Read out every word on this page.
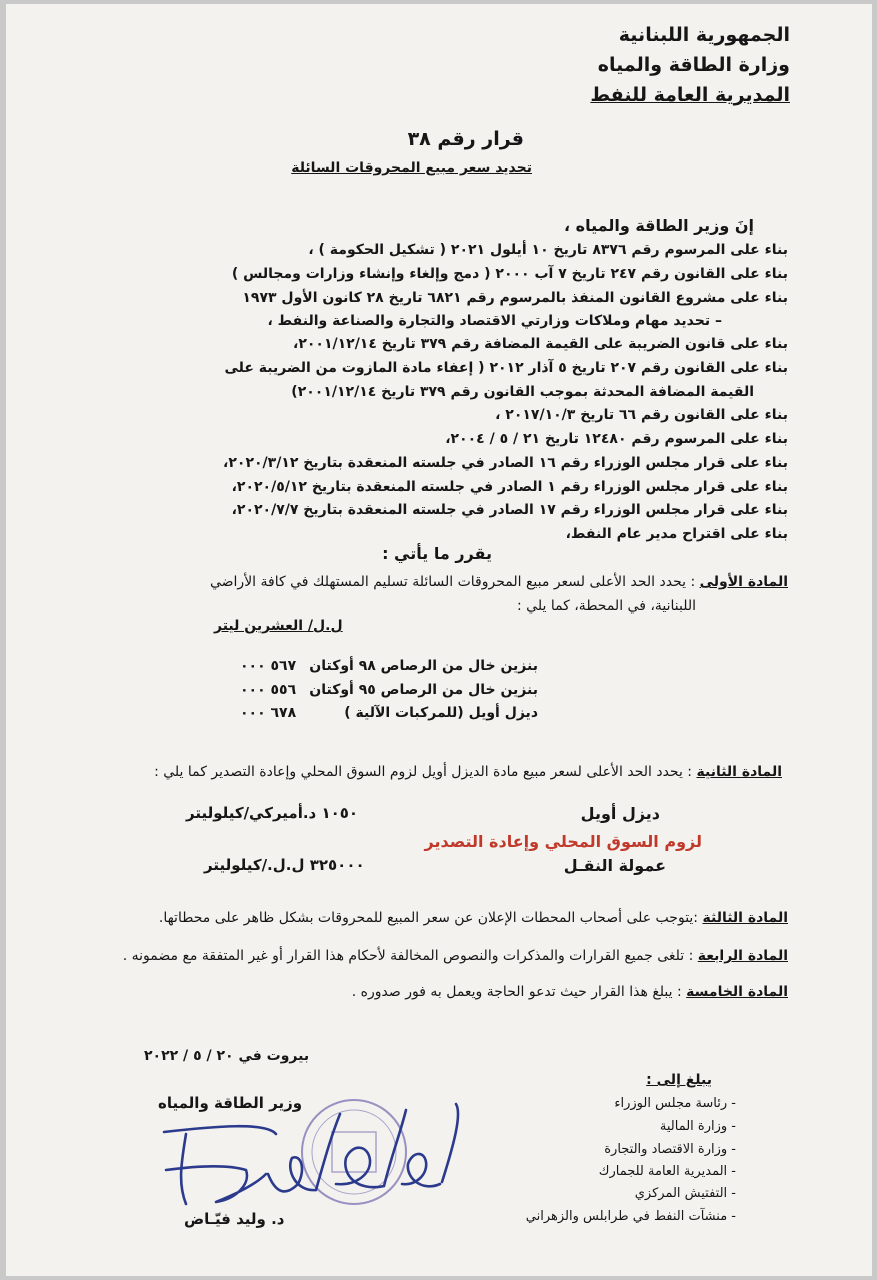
الجمهورية اللبنانية
وزارة الطاقة والمياه
المديرية العامة للنفط
قرار رقم ٣٨
تحديد سعر مبيع المحروقات السائلة
إنَ وزير الطاقة والمياه ،
بناء على المرسوم رقم ٨٣٧٦ تاريخ ١٠ أيلول ٢٠٢١ ( تشكيل الحكومة ) ،
بناء على القانون رقم ٢٤٧ تاريخ ٧ آب ٢٠٠٠ ( دمج وإلغاء وإنشاء وزارات ومجالس )
بناء على مشروع القانون المنفذ بالمرسوم رقم ٦٨٢١ تاريخ ٢٨ كانون الأول ١٩٧٣
– تحديد مهام وملاكات وزارتي الاقتصاد والتجارة والصناعة والنفط ،
بناء على قانون الضريبة على القيمة المضافة رقم ٣٧٩ تاريخ ٢٠٠١/١٢/١٤،
بناء على القانون رقم ٢٠٧ تاريخ ٥ آذار ٢٠١٢ ( إعفاء مادة المازوت من الضريبة على
القيمة المضافة المحدثة بموجب القانون رقم ٣٧٩ تاريخ ٢٠٠١/١٢/١٤)
بناء على القانون رقم ٦٦ تاريخ ٢٠١٧/١٠/٣ ،
بناء على المرسوم رقم ١٢٤٨٠ تاريخ ٢١ / ٥ / ٢٠٠٤،
بناء على قرار مجلس الوزراء رقم ١٦ الصادر في جلسته المنعقدة بتاريخ ٢٠٢٠/٣/١٢،
بناء على قرار مجلس الوزراء رقم ١ الصادر في جلسته المنعقدة بتاريخ ٢٠٢٠/٥/١٢،
بناء على قرار مجلس الوزراء رقم ١٧ الصادر في جلسته المنعقدة بتاريخ ٢٠٢٠/٧/٧،
بناء على اقتراح مدير عام النفط،
يقرر ما يأتي :
المادة الأولى : يحدد الحد الأعلى لسعر مبيع المحروقات السائلة تسليم المستهلك في كافة الأراضي
اللبنانية، في المحطة، كما يلي :
ل.ل/ العشرين ليتر
بنزين خال من الرصاص ٩٨ أوكتان
٥٦٧ ٠٠٠
بنزين خال من الرصاص ٩٥ أوكتان
٥٥٦ ٠٠٠
ديزل أويل (للمركبات الآلية )
٦٧٨ ٠٠٠
المادة الثانية : يحدد الحد الأعلى لسعر مبيع مادة الديزل أويل لزوم السوق المحلي وإعادة التصدير كما يلي :
ديزل أويل
١٠٥٠ د.أميركي/كيلوليتر
لزوم السوق المحلي وإعادة التصدير
عمولة النقـل
٣٢٥٠٠٠ ل.ل./كيلوليتر
المادة الثالثة :يتوجب على أصحاب المحطات الإعلان عن سعر المبيع للمحروقات بشكل ظاهر على محطاتها.
المادة الرابعة : تلغى جميع القرارات والمذكرات والنصوص المخالفة لأحكام هذا القرار أو غير المتفقة مع مضمونه .
المادة الخامسة : يبلغ هذا القرار حيث تدعو الحاجة ويعمل به فور صدوره .
بيروت في ٢٠ / ٥ / ٢٠٢٢
وزير الطاقة والمياه
د. وليد فيّـاض
يبلغ إلى :
- رئاسة مجلس الوزراء
- وزارة المالية
- وزارة الاقتصاد والتجارة
- المديرية العامة للجمارك
- التفتيش المركزي
- منشآت النفط في طرابلس والزهراني
